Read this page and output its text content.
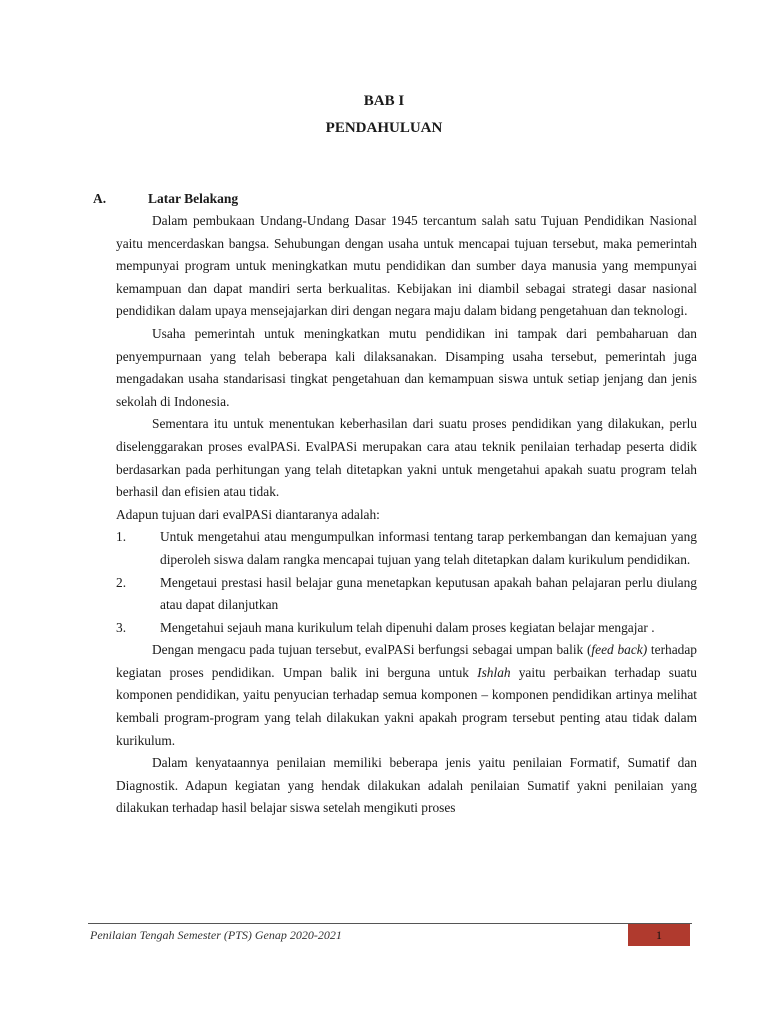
BAB I
PENDAHULUAN
A.	Latar Belakang

Dalam pembukaan Undang-Undang Dasar 1945 tercantum salah satu Tujuan Pendidikan Nasional yaitu mencerdaskan bangsa. Sehubungan dengan usaha untuk mencapai tujuan tersebut, maka pemerintah mempunyai program untuk meningkatkan mutu pendidikan dan sumber daya manusia yang mempunyai kemampuan dan dapat mandiri serta berkualitas. Kebijakan ini diambil sebagai strategi dasar nasional pendidikan dalam upaya mensejajarkan diri dengan negara maju dalam bidang pengetahuan dan teknologi.

Usaha pemerintah untuk meningkatkan mutu pendidikan ini tampak dari pembaharuan dan penyempurnaan yang telah beberapa kali dilaksanakan. Disamping usaha tersebut, pemerintah juga mengadakan usaha standarisasi tingkat pengetahuan dan kemampuan siswa untuk setiap jenjang dan jenis sekolah di Indonesia.

Sementara itu untuk menentukan keberhasilan dari suatu proses pendidikan yang dilakukan, perlu diselenggarakan proses evalPASi. EvalPASi merupakan cara atau teknik penilaian terhadap peserta didik berdasarkan pada perhitungan yang telah ditetapkan yakni untuk mengetahui apakah suatu program telah berhasil dan efisien atau tidak.

Adapun tujuan dari evalPASi diantaranya adalah:

1.	Untuk mengetahui atau mengumpulkan informasi tentang tarap perkembangan dan kemajuan yang diperoleh siswa dalam rangka mencapai tujuan yang telah ditetapkan dalam kurikulum pendidikan.
2.	Mengetaui prestasi hasil belajar guna menetapkan keputusan apakah bahan pelajaran perlu diulang atau dapat dilanjutkan
3.	Mengetahui sejauh mana kurikulum telah dipenuhi dalam proses kegiatan belajar mengajar .

Dengan mengacu pada tujuan tersebut, evalPASi berfungsi sebagai umpan balik (feed back) terhadap kegiatan proses pendidikan. Umpan balik ini berguna untuk Ishlah yaitu perbaikan terhadap suatu komponen pendidikan, yaitu penyucian terhadap semua komponen – komponen pendidikan artinya melihat kembali program-program yang telah dilakukan yakni apakah program tersebut penting atau tidak dalam kurikulum.

Dalam kenyataannya penilaian memiliki beberapa jenis yaitu penilaian Formatif, Sumatif dan Diagnostik. Adapun kegiatan yang hendak dilakukan adalah penilaian Sumatif yakni penilaian yang dilakukan terhadap hasil belajar siswa setelah mengikuti proses

Penilaian Tengah Semester (PTS) Genap 2020-2021	1
